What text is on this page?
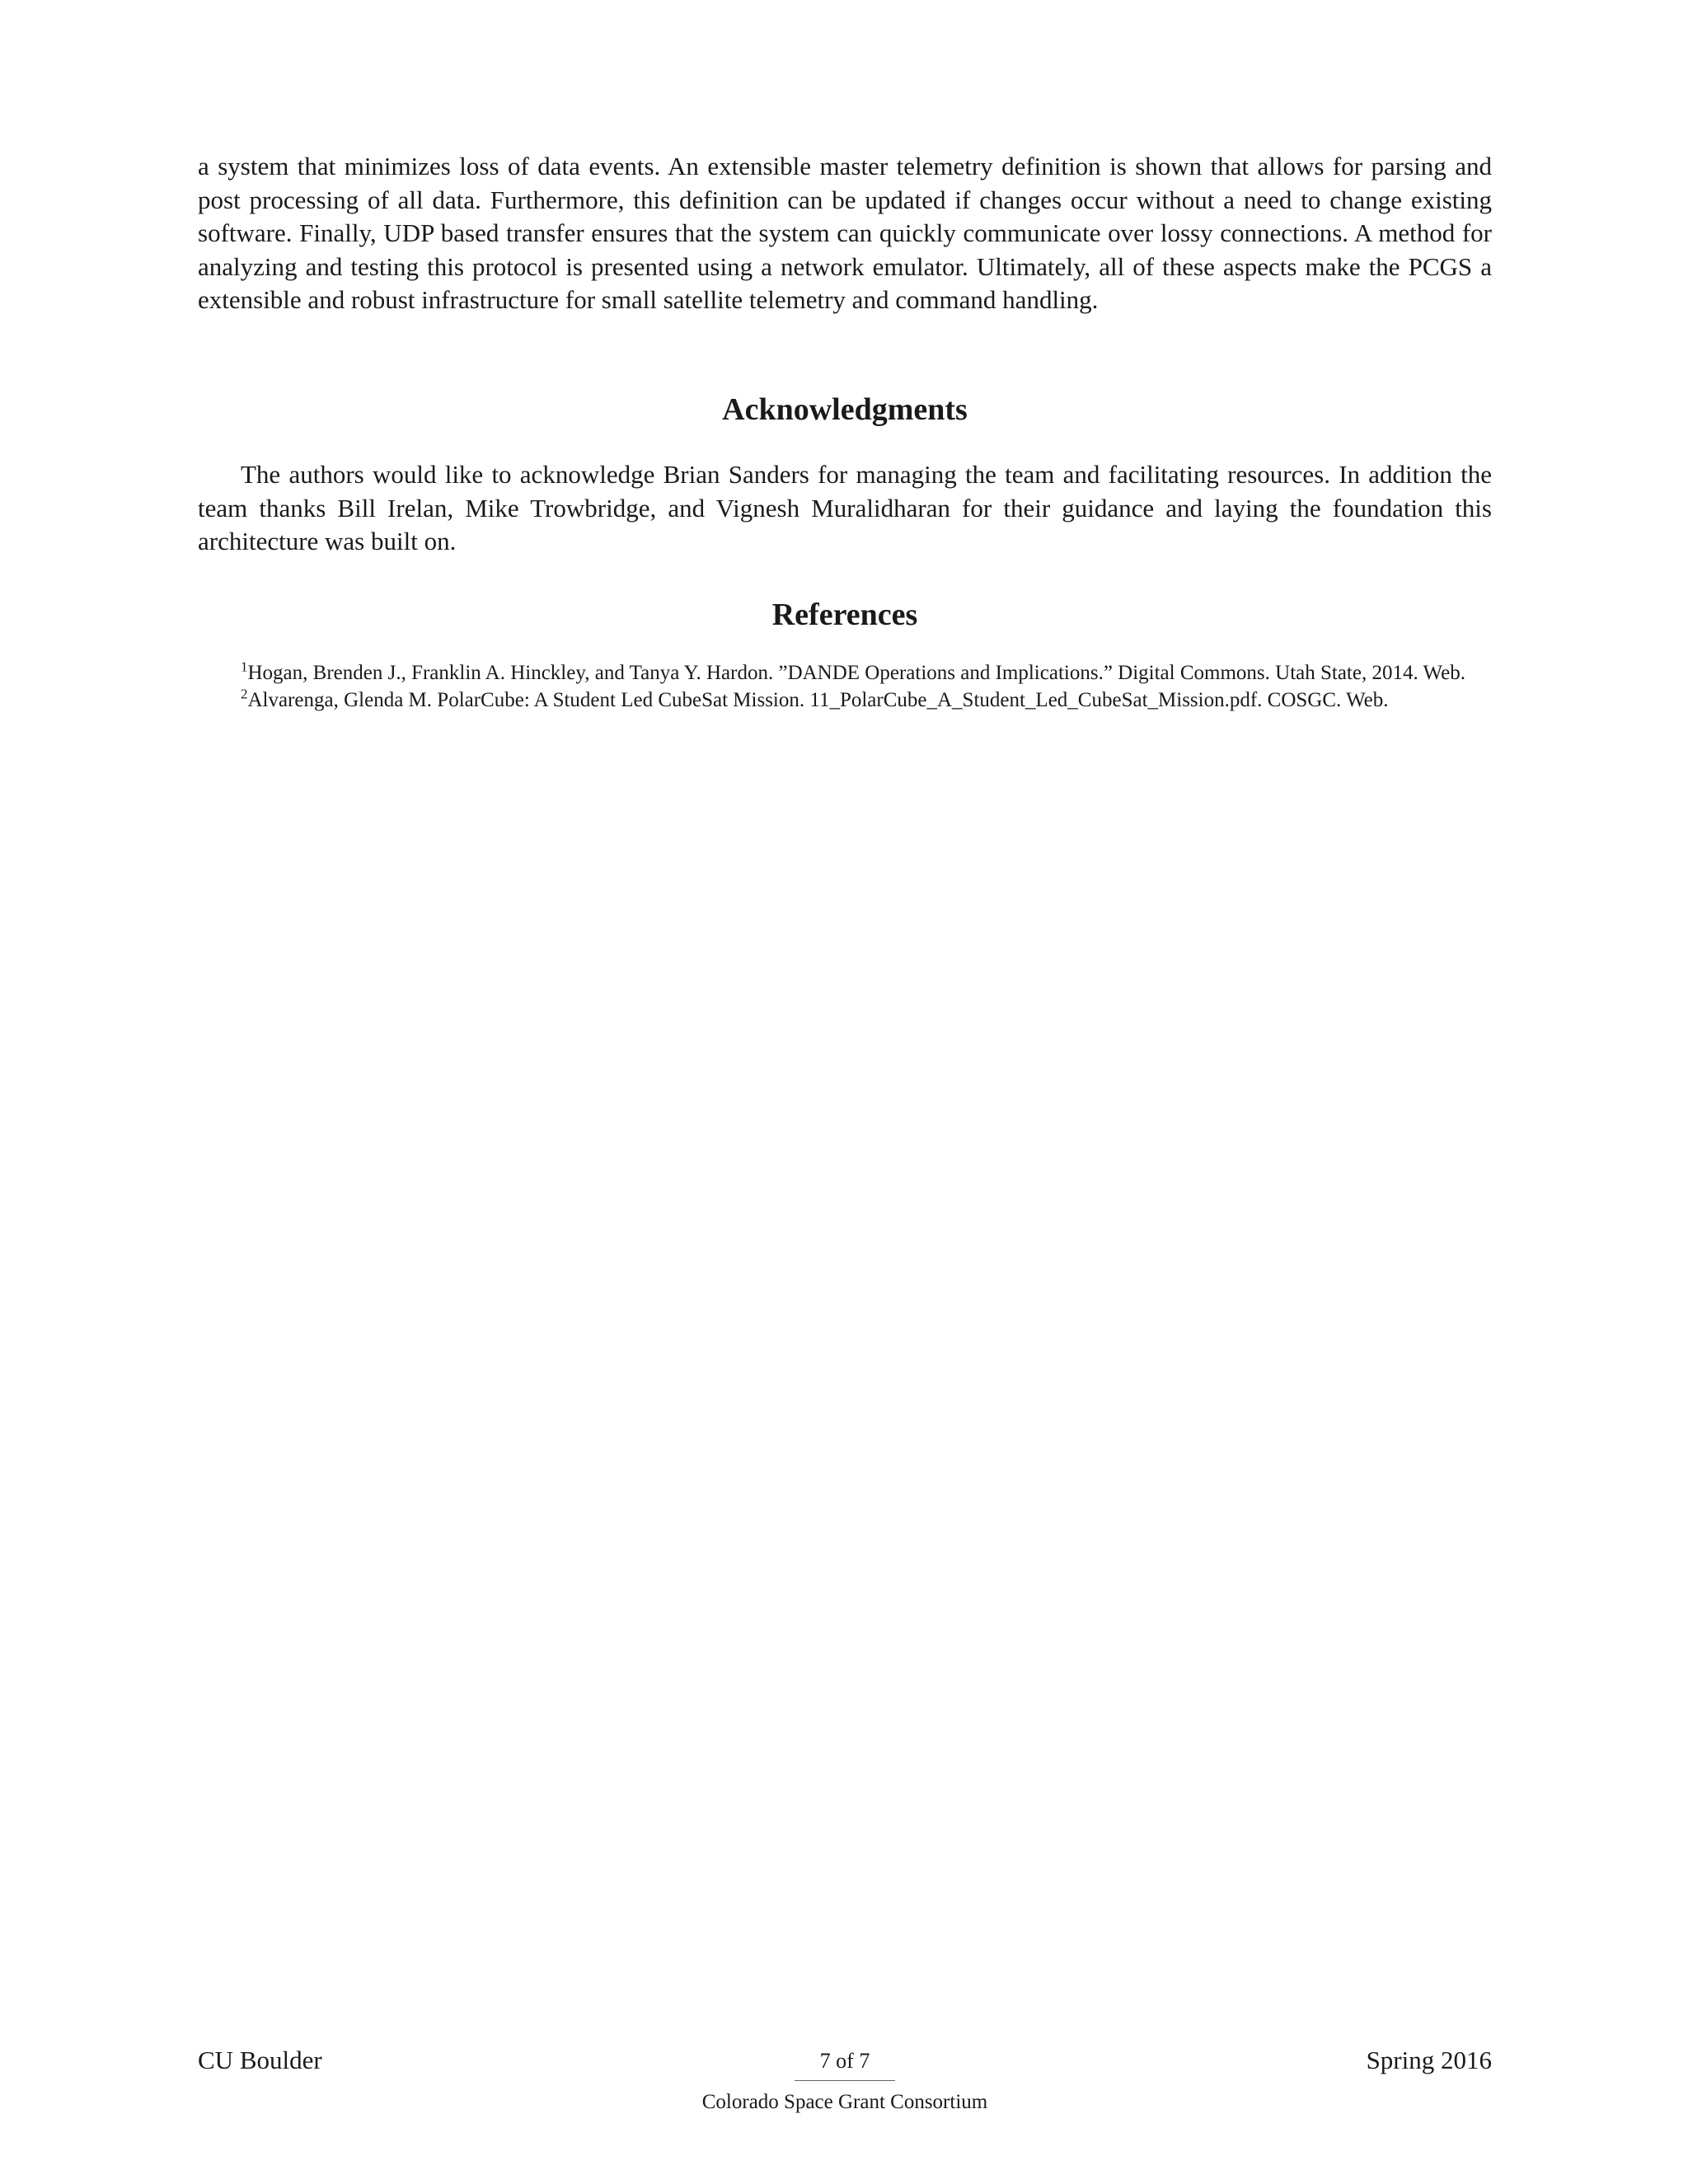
a system that minimizes loss of data events. An extensible master telemetry definition is shown that allows for parsing and post processing of all data. Furthermore, this definition can be updated if changes occur without a need to change existing software. Finally, UDP based transfer ensures that the system can quickly communicate over lossy connections. A method for analyzing and testing this protocol is presented using a network emulator. Ultimately, all of these aspects make the PCGS a extensible and robust infrastructure for small satellite telemetry and command handling.

Acknowledgments

The authors would like to acknowledge Brian Sanders for managing the team and facilitating resources. In addition the team thanks Bill Irelan, Mike Trowbridge, and Vignesh Muralidharan for their guidance and laying the foundation this architecture was built on.

References

$^1$Hogan, Brenden J., Franklin A. Hinckley, and Tanya Y. Hardon. ”DANDE Operations and Implications.” Digital Commons. Utah State, 2014. Web.

$^2$Alvarenga, Glenda M. PolarCube: A Student Led CubeSat Mission. 11_PolarCube_A_Student_Led_CubeSat_Mission.pdf. COSGC. Web.

CU Boulder	7 of 7
Colorado Space Grant Consortium
Spring 2016
